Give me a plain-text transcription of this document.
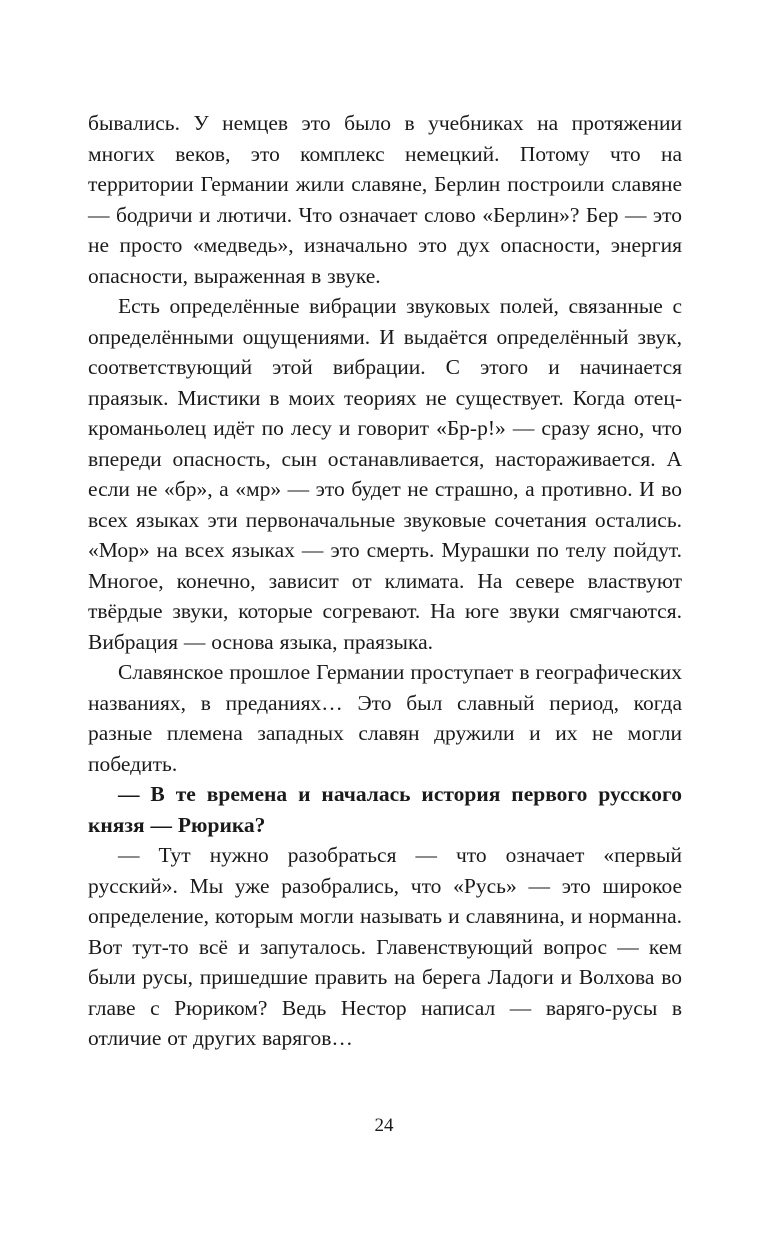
бывались. У немцев это было в учебниках на протяжении многих веков, это комплекс немецкий. Потому что на территории Германии жили славяне, Берлин построили славяне — бодричи и лютичи. Что означает слово «Берлин»? Бер — это не просто «медведь», изначально это дух опасности, энергия опасности, выраженная в звуке.

Есть определённые вибрации звуковых полей, связанные с определёнными ощущениями. И выдаётся определённый звук, соответствующий этой вибрации. С этого и начинается праязык. Мистики в моих теориях не существует. Когда отец-кроманьолец идёт по лесу и говорит «Бр-р!» — сразу ясно, что впереди опасность, сын останавливается, настораживается. А если не «бр», а «мр» — это будет не страшно, а противно. И во всех языках эти первоначальные звуковые сочетания остались. «Мор» на всех языках — это смерть. Мурашки по телу пойдут. Многое, конечно, зависит от климата. На севере властвуют твёрдые звуки, которые согревают. На юге звуки смягчаются. Вибрация — основа языка, праязыка.

Славянское прошлое Германии проступает в географических названиях, в преданиях… Это был славный период, когда разные племена западных славян дружили и их не могли победить.

— В те времена и началась история первого русского князя — Рюрика?

— Тут нужно разобраться — что означает «первый русский». Мы уже разобрались, что «Русь» — это широкое определение, которым могли называть и славянина, и норманна. Вот тут-то всё и запуталось. Главенствующий вопрос — кем были русы, пришедшие править на берега Ладоги и Волхова во главе с Рюриком? Ведь Нестор написал — варяго-русы в отличие от других варягов…

24
